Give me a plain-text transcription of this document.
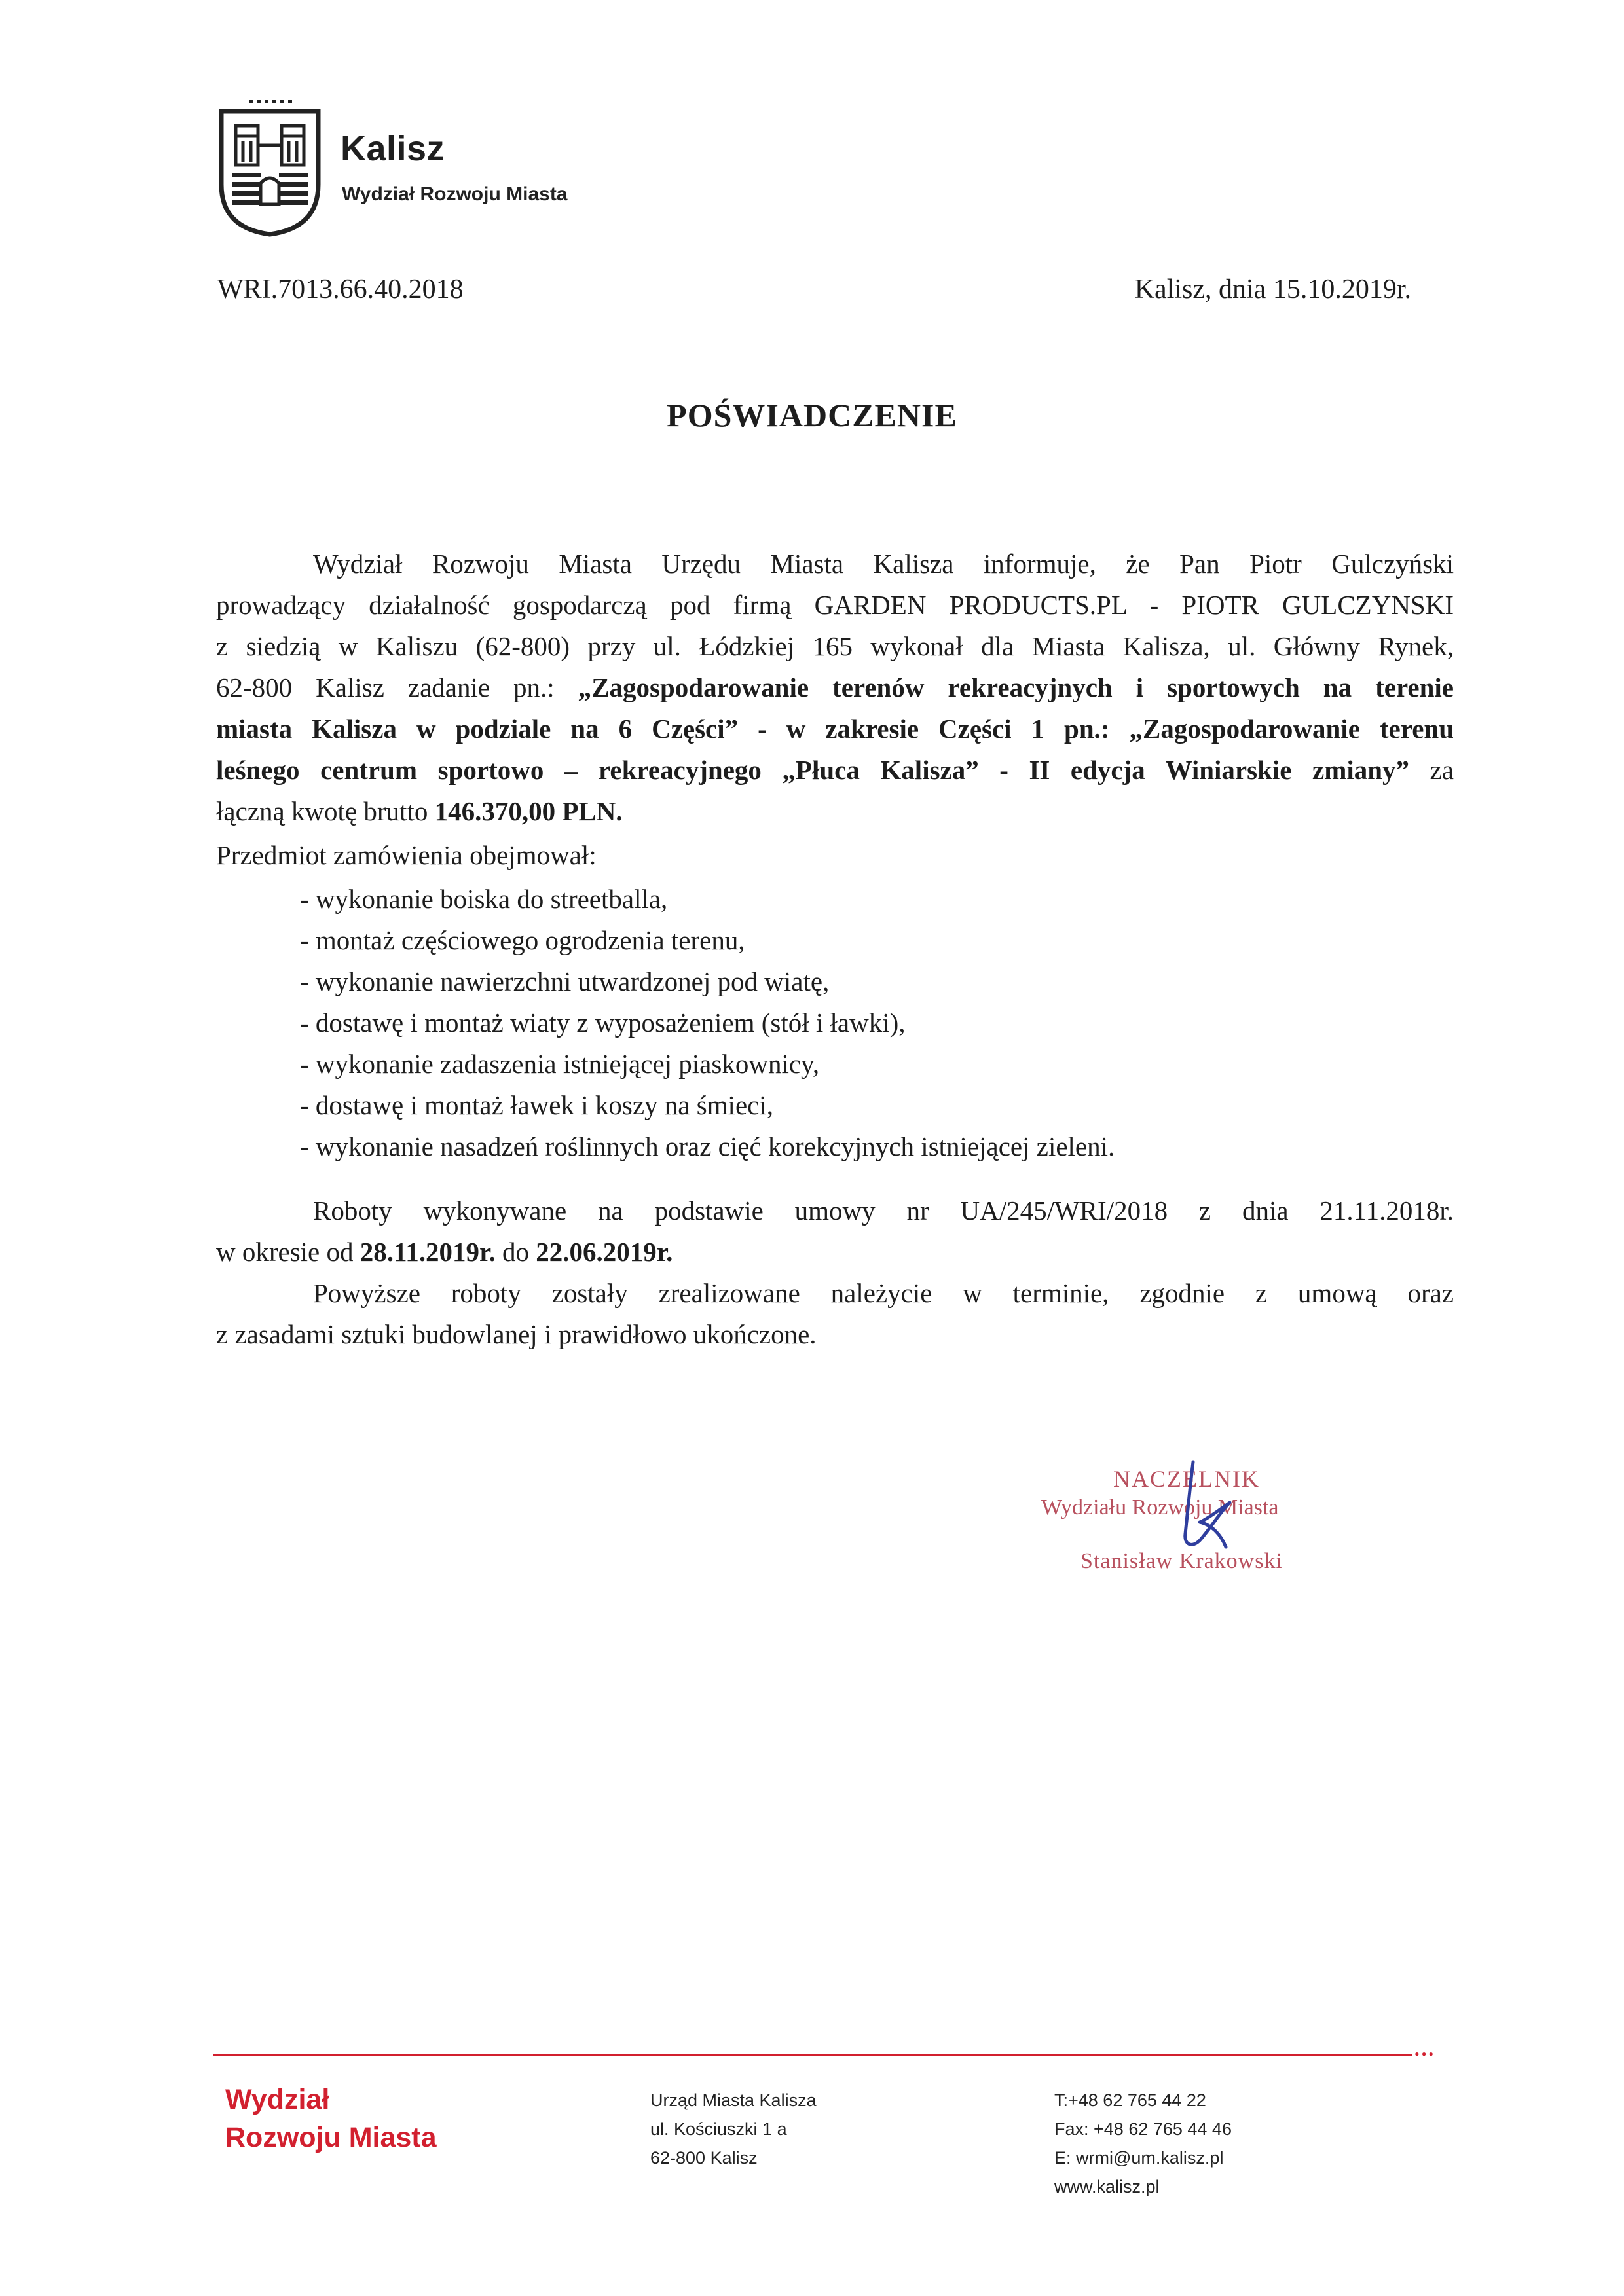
Kalisz
Wydział Rozwoju Miasta
WRI.7013.66.40.2018	Kalisz, dnia 15.10.2019r.
POŚWIADCZENIE
Wydział Rozwoju Miasta Urzędu Miasta Kalisza informuje, że Pan Piotr Gulczyński
prowadzący działalność gospodarczą pod firmą GARDEN PRODUCTS.PL - PIOTR GULCZYNSKI
z siedzią w Kaliszu (62-800) przy ul. Łódzkiej 165 wykonał dla Miasta Kalisza, ul. Główny Rynek,
62-800 Kalisz zadanie pn.: „Zagospodarowanie terenów rekreacyjnych i sportowych na terenie
miasta Kalisza w podziale na 6 Części” - w zakresie Części 1 pn.: „Zagospodarowanie terenu
leśnego centrum sportowo – rekreacyjnego „Płuca Kalisza” - II edycja Winiarskie zmiany” za
łączną kwotę brutto 146.370,00 PLN.
Przedmiot zamówienia obejmował:
- wykonanie boiska do streetballa,
- montaż częściowego ogrodzenia terenu,
- wykonanie nawierzchni utwardzonej pod wiatę,
- dostawę i montaż wiaty z wyposażeniem (stół i ławki),
- wykonanie zadaszenia istniejącej piaskownicy,
- dostawę i montaż ławek i koszy na śmieci,
- wykonanie nasadzeń roślinnych oraz cięć korekcyjnych istniejącej zieleni.
Roboty wykonywane na podstawie umowy nr UA/245/WRI/2018 z dnia 21.11.2018r.
w okresie od 28.11.2019r. do 22.06.2019r.
Powyższe roboty zostały zrealizowane należycie w terminie, zgodnie z umową oraz
z zasadami sztuki budowlanej i prawidłowo ukończone.
NACZELNIK
Wydziału Rozwoju Miasta
Stanisław Krakowski
•••
Wydział
Rozwoju Miasta
Urząd Miasta Kalisza
ul. Kościuszki 1 a
62-800 Kalisz
T:+48 62 765 44 22
Fax: +48 62 765 44 46
E: wrmi@um.kalisz.pl
www.kalisz.pl
